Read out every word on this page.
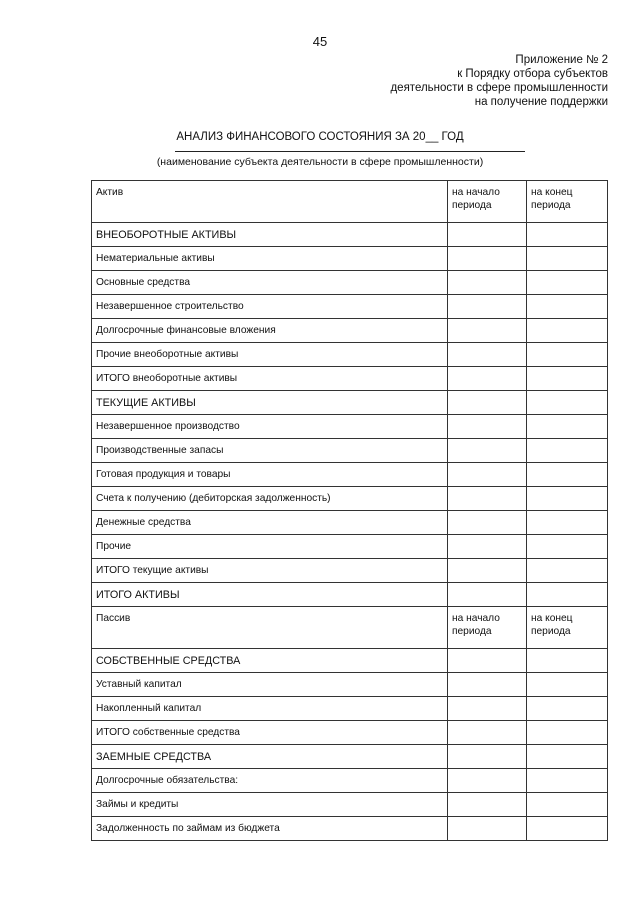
45
Приложение № 2
к Порядку отбора субъектов
деятельности в сфере промышленности
на получение поддержки
АНАЛИЗ ФИНАНСОВОГО СОСТОЯНИЯ ЗА 20__ ГОД
(наименование субъекта деятельности в сфере промышленности)
Актив	на начало периода	на конец периода
ВНЕОБОРОТНЫЕ АКТИВЫ		
Нематериальные активы		
Основные средства		
Незавершенное строительство		
Долгосрочные финансовые вложения		
Прочие внеоборотные активы		
ИТОГО внеоборотные активы		
ТЕКУЩИЕ АКТИВЫ		
Незавершенное производство		
Производственные запасы		
Готовая продукция и товары		
Счета к получению (дебиторская задолженность)		
Денежные средства		
Прочие		
ИТОГО текущие активы		
ИТОГО АКТИВЫ		
Пассив	на начало периода	на конец периода
СОБСТВЕННЫЕ СРЕДСТВА		
Уставный капитал		
Накопленный капитал		
ИТОГО собственные средства		
ЗАЕМНЫЕ СРЕДСТВА		
Долгосрочные обязательства:		
Займы и кредиты		
Задолженность по займам из бюджета		
